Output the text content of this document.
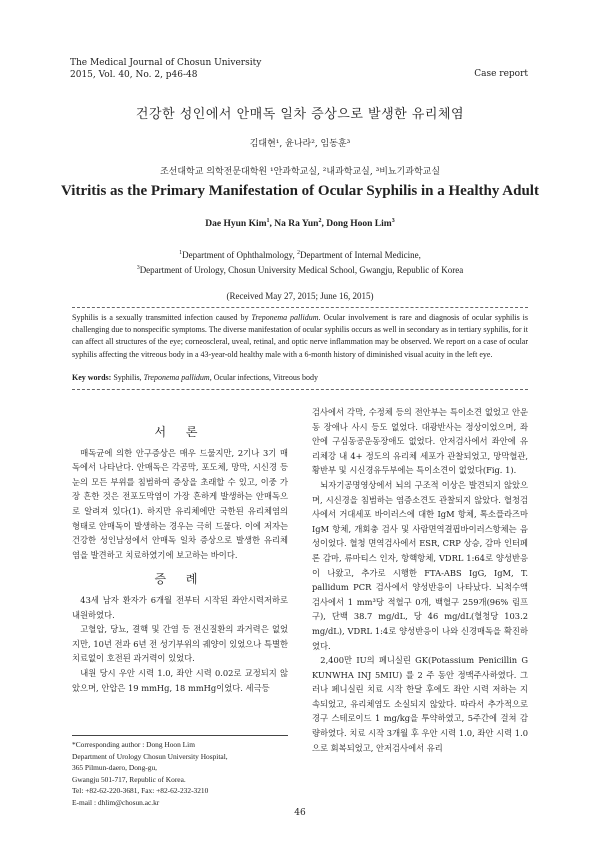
The Medical Journal of Chosun University
2015, Vol. 40, No. 2, p46-48	Case report
건강한 성인에서 안매독 일차 증상으로 발생한 유리체염
김대현¹, 윤나라², 임동훈³
조선대학교 의학전문대학원 ¹안과학교실, ²내과학교실, ³비뇨기과학교실
Vitritis as the Primary Manifestation of Ocular Syphilis in a Healthy Adult
Dae Hyun Kim$^1$, Na Ra Yun$^2$, Dong Hoon Lim$^3$
$^1$Department of Ophthalmology, $^2$Department of Internal Medicine,
$^3$Department of Urology, Chosun University Medical School, Gwangju, Republic of Korea
(Received May 27, 2015; June 16, 2015)
Syphilis is a sexually transmitted infection caused by Treponema pallidum. Ocular involvement is rare and diagnosis of ocular syphilis is challenging due to nonspecific symptoms. The diverse manifestation of ocular syphilis occurs as well in secondary as in tertiary syphilis, for it can affect all structures of the eye; corneoscleral, uveal, retinal, and optic nerve inflammation may be observed. We report on a case of ocular syphilis affecting the vitreous body in a 43-year-old healthy male with a 6-month history of diminished visual acuity in the left eye.
Key words: Syphilis, Treponema pallidum, Ocular infections, Vitreous body
서 론

매독균에 의한 안구증상은 매우 드물지만, 2기나 3기 매독에서 나타난다. 안매독은 각공막, 포도체, 망막, 시신경 등 눈의 모든 부위를 침범하여 증상을 초래할 수 있고, 이중 가장 흔한 것은 전포도막염이 가장 흔하게 발생하는 안매독으로 알려져 있다(1). 하지만 유리체에만 국한된 유리체염의 형태로 안매독이 발생하는 경우는 극히 드물다. 이에 저자는 건강한 성인남성에서 안매독 일차 증상으로 발생한 유리체염을 발견하고 치료하였기에 보고하는 바이다.

증 례

43세 남자 환자가 6개월 전부터 시작된 좌안시력저하로 내원하였다.

고혈압, 당뇨, 결핵 및 간염 등 전신질환의 과거력은 없었지만, 10년 전과 6년 전 성기부위의 궤양이 있었으나 특별한 치료없이 호전된 과거력이 있었다.

내원 당시 우안 시력 1.0, 좌안 시력 0.02로 교정되지 않았으며, 안압은 19 mmHg, 18 mmHg이었다. 세극등

검사에서 각막, 수정체 등의 전안부는 특이소견 없었고 안운동 장애나 사시 등도 없었다. 대광반사는 정상이었으며, 좌안에 구심동공운동장애도 없었다. 안저검사에서 좌안에 유리체강 내 4+ 정도의 유리체 세포가 관찰되었고, 망막혈관, 황반부 및 시신경유두부에는 특이소견이 없었다(Fig. 1).

뇌자기공명영상에서 뇌의 구조적 이상은 발견되지 않았으며, 시신경을 침범하는 염증소견도 관찰되지 않았다. 혈청검사에서 거대세포 바이러스에 대한 IgM 항체, 톡소플라즈마 IgM 항체, 개회충 검사 및 사람면역결핍바이러스항체는 음성이었다. 혈청 면역검사에서 ESR, CRP 상승, 감마 인터페론 감마, 류마티스 인자, 항핵항체, VDRL 1:64로 양성반응이 나왔고, 추가로 시행한 FTA-ABS IgG, IgM, T. pallidum PCR 검사에서 양성반응이 나타났다. 뇌척수액 검사에서 1 mm³당 적혈구 0개, 백혈구 259개(96% 림프구), 단백 38.7 mg/dL, 당 46 mg/dL(혈청당 103.2 mg/dL), VDRL 1:4로 양성반응이 나와 신경매독을 확진하였다.

2,400만 IU의 페니실린 GK(Potassium Penicillin G KUNWHA INJ 5MIU) 를 2 주 동안 정맥주사하였다. 그러나 페니실린 치료 시작 한달 후에도 좌안 시력 저하는 지속되었고, 유리체염도 소실되지 않았다. 따라서 추가적으로 경구 스테로이드 1 mg/kg을 투약하였고, 5주간에 걸쳐 감량하였다. 치료 시작 3개월 후 우안 시력 1.0, 좌안 시력 1.0으로 회복되었고, 안저검사에서 유리

*Corresponding author : Dong Hoon Lim
Department of Urology Chosun University Hospital,
365 Pilmun-daero, Dong-gu,
Gwangju 501-717, Republic of Korea.
Tel: +82-62-220-3681, Fax: +82-62-232-3210
E-mail : dhlim@chosun.ac.kr
46
